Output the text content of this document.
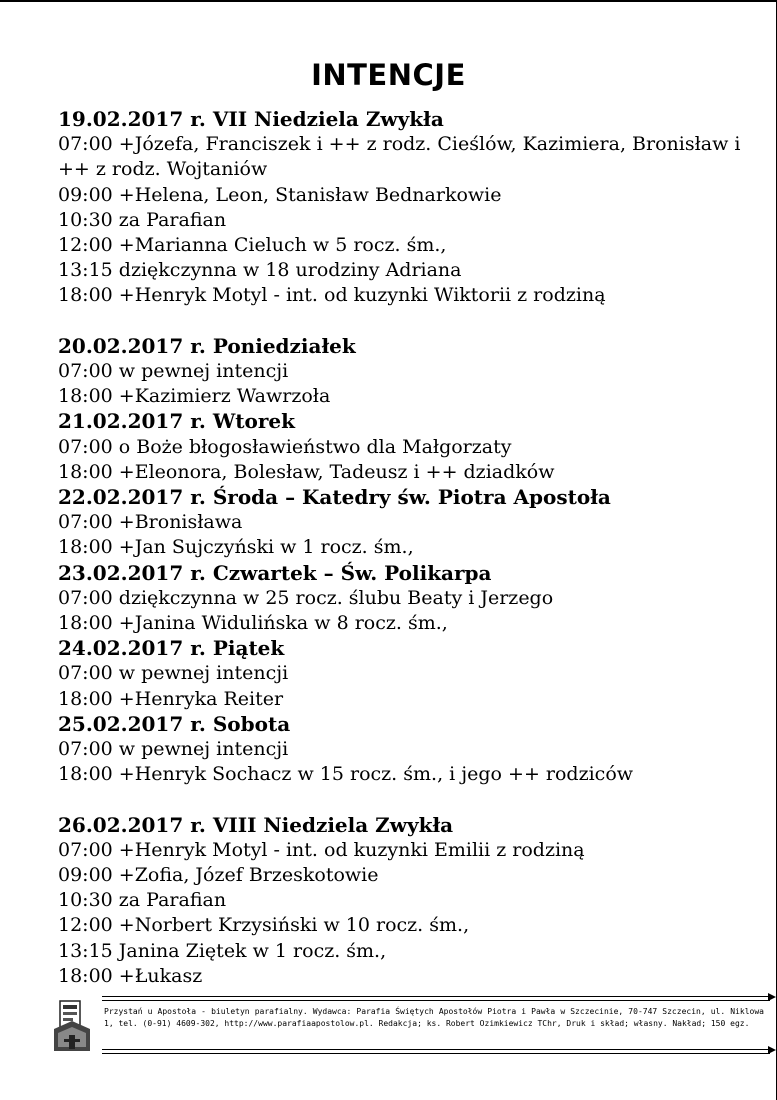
INTENCJE
19.02.2017 r. VII Niedziela Zwykła
07:00 +Józefa, Franciszek i ++ z rodz. Cieślów, Kazimiera, Bronisław i ++ z rodz. Wojtaniów
09:00 +Helena, Leon, Stanisław Bednarkowie
10:30 za Parafian
12:00 +Marianna Cieluch w 5 rocz. śm.,
13:15 dziękczynna w 18 urodziny Adriana
18:00 +Henryk Motyl - int. od kuzynki Wiktorii z rodziną
20.02.2017 r. Poniedziałek
07:00 w pewnej intencji
18:00 +Kazimierz Wawrzoła
21.02.2017 r. Wtorek
07:00 o Boże błogosławieństwo dla Małgorzaty
18:00 +Eleonora, Bolesław, Tadeusz i ++ dziadków
22.02.2017 r. Środa – Katedry św. Piotra Apostoła
07:00 +Bronisława
18:00 +Jan Sujczyński w 1 rocz. śm.,
23.02.2017 r. Czwartek – Św. Polikarpa
07:00 dziękczynna w 25 rocz. ślubu Beaty i Jerzego
18:00 +Janina Widulińska w 8 rocz. śm.,
24.02.2017 r. Piątek
07:00 w pewnej intencji
18:00 +Henryka Reiter
25.02.2017 r. Sobota
07:00 w pewnej intencji
18:00 +Henryk Sochacz w 15 rocz. śm., i jego ++ rodziców
26.02.2017 r. VIII Niedziela Zwykła
07:00 +Henryk Motyl - int. od kuzynki Emilii z rodziną
09:00 +Zofia, Józef Brzeskotowie
10:30 za Parafian
12:00 +Norbert Krzysiński w 10 rocz. śm.,
13:15 Janina Ziętek w 1 rocz. śm.,
18:00 +Łukasz
Przystań u Apostoła - biuletyn parafialny. Wydawca: Parafia Świętych Apostołów Piotra i Pawła w Szczecinie, 70-747 Szczecin, ul. Niklowa 1, tel. (0-91) 4609-302, http://www.parafiaapostolow.pl. Redakcja; ks. Robert Ozimkiewicz TChr, Druk i skład; własny. Nakład; 150 egz.
